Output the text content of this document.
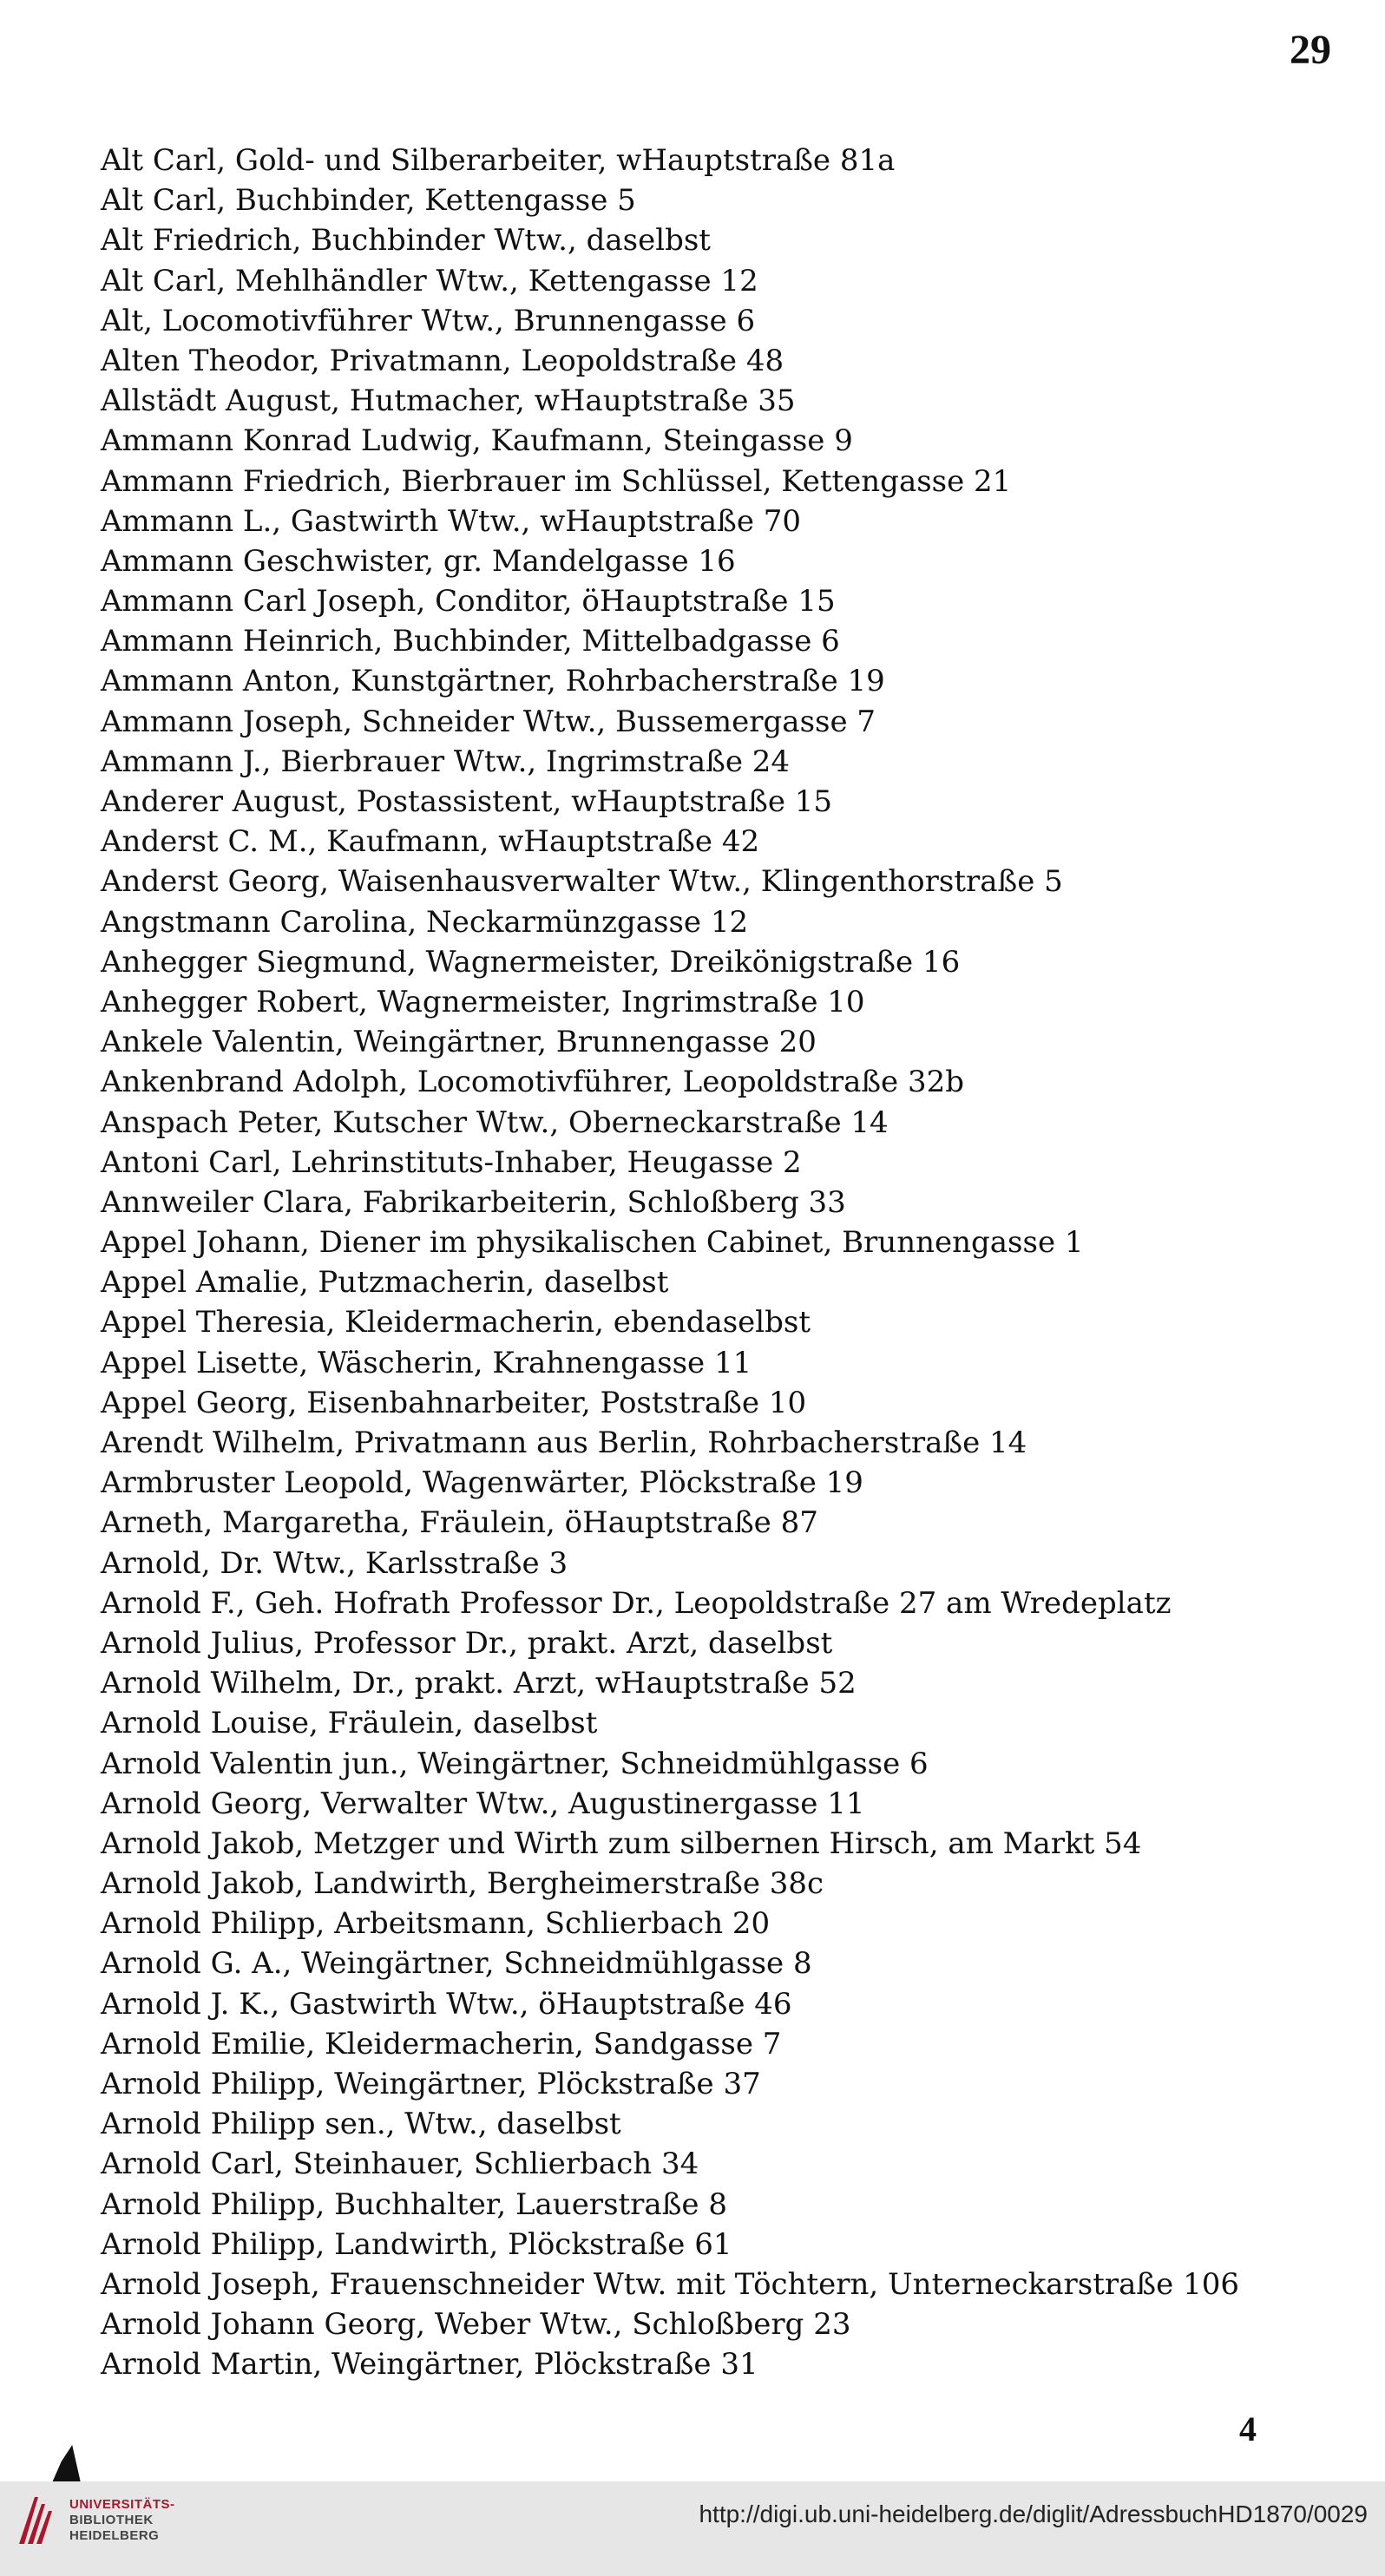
29
Alt Carl, Gold- und Silberarbeiter, wHauptstraße 81a
Alt Carl, Buchbinder, Kettengasse 5
Alt Friedrich, Buchbinder Wtw., daselbst
Alt Carl, Mehlhändler Wtw., Kettengasse 12
Alt, Locomotivführer Wtw., Brunnengasse 6
Alten Theodor, Privatmann, Leopoldstraße 48
Allstädt August, Hutmacher, wHauptstraße 35
Ammann Konrad Ludwig, Kaufmann, Steingasse 9
Ammann Friedrich, Bierbrauer im Schlüssel, Kettengasse 21
Ammann L., Gastwirth Wtw., wHauptstraße 70
Ammann Geschwister, gr. Mandelgasse 16
Ammann Carl Joseph, Conditor, öHauptstraße 15
Ammann Heinrich, Buchbinder, Mittelbadgasse 6
Ammann Anton, Kunstgärtner, Rohrbacherstraße 19
Ammann Joseph, Schneider Wtw., Bussemergasse 7
Ammann J., Bierbrauer Wtw., Ingrimstraße 24
Anderer August, Postassistent, wHauptstraße 15
Anderst C. M., Kaufmann, wHauptstraße 42
Anderst Georg, Waisenhausverwalter Wtw., Klingenthorstraße 5
Angstmann Carolina, Neckarmünzgasse 12
Anhegger Siegmund, Wagnermeister, Dreikönigstraße 16
Anhegger Robert, Wagnermeister, Ingrimstraße 10
Ankele Valentin, Weingärtner, Brunnengasse 20
Ankenbrand Adolph, Locomotivführer, Leopoldstraße 32b
Anspach Peter, Kutscher Wtw., Oberneckarstraße 14
Antoni Carl, Lehrinstituts-Inhaber, Heugasse 2
Annweiler Clara, Fabrikarbeiterin, Schloßberg 33
Appel Johann, Diener im physikalischen Cabinet, Brunnengasse 1
Appel Amalie, Putzmacherin, daselbst
Appel Theresia, Kleidermacherin, ebendaselbst
Appel Lisette, Wäscherin, Krahnengasse 11
Appel Georg, Eisenbahnarbeiter, Poststraße 10
Arendt Wilhelm, Privatmann aus Berlin, Rohrbacherstraße 14
Armbruster Leopold, Wagenwärter, Plöckstraße 19
Arneth, Margaretha, Fräulein, öHauptstraße 87
Arnold, Dr. Wtw., Karlsstraße 3
Arnold F., Geh. Hofrath Professor Dr., Leopoldstraße 27 am Wredeplatz
Arnold Julius, Professor Dr., prakt. Arzt, daselbst
Arnold Wilhelm, Dr., prakt. Arzt, wHauptstraße 52
Arnold Louise, Fräulein, daselbst
Arnold Valentin jun., Weingärtner, Schneidmühlgasse 6
Arnold Georg, Verwalter Wtw., Augustinergasse 11
Arnold Jakob, Metzger und Wirth zum silbernen Hirsch, am Markt 54
Arnold Jakob, Landwirth, Bergheimerstraße 38c
Arnold Philipp, Arbeitsmann, Schlierbach 20
Arnold G. A., Weingärtner, Schneidmühlgasse 8
Arnold J. K., Gastwirth Wtw., öHauptstraße 46
Arnold Emilie, Kleidermacherin, Sandgasse 7
Arnold Philipp, Weingärtner, Plöckstraße 37
Arnold Philipp sen., Wtw., daselbst
Arnold Carl, Steinhauer, Schlierbach 34
Arnold Philipp, Buchhalter, Lauerstraße 8
Arnold Philipp, Landwirth, Plöckstraße 61
Arnold Joseph, Frauenschneider Wtw. mit Töchtern, Unterneckarstraße 106
Arnold Johann Georg, Weber Wtw., Schloßberg 23
Arnold Martin, Weingärtner, Plöckstraße 31
4
UNIVERSITÄTS-
BIBLIOTHEK
HEIDELBERG
http://digi.ub.uni-heidelberg.de/diglit/AdressbuchHD1870/0029
